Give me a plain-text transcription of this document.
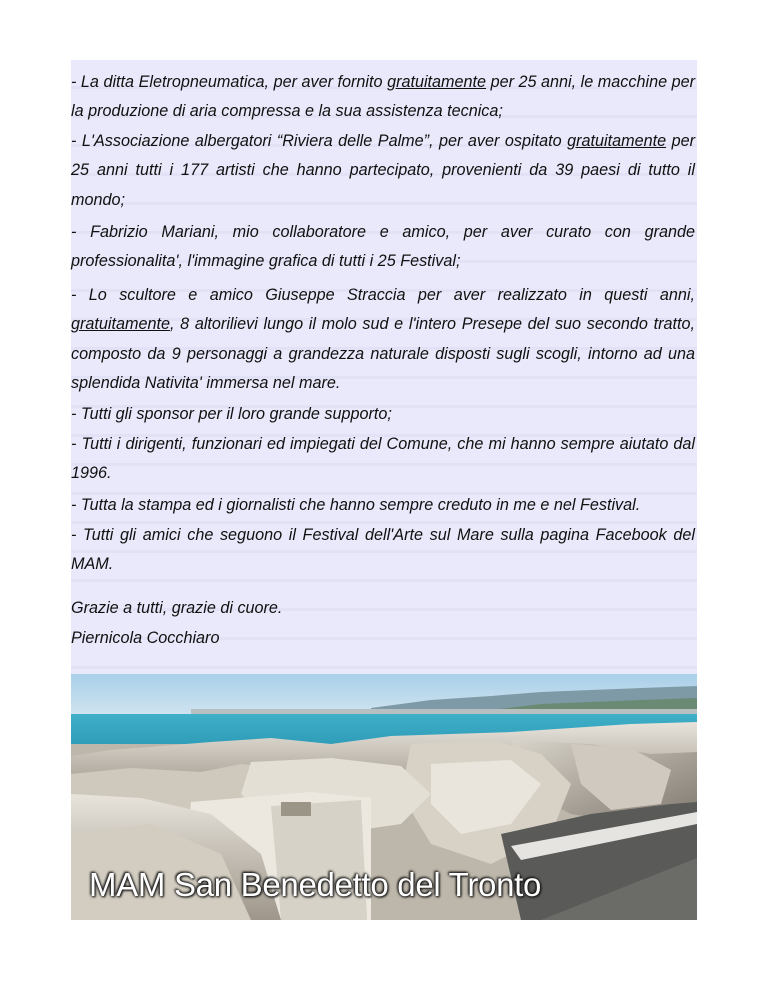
- La ditta Eletropneumatica, per aver fornito gratuitamente per 25 anni, le macchine per la produzione di aria compressa e la sua assistenza tecnica;
- L'Associazione albergatori “Riviera delle Palme”, per aver ospitato gratuitamente per 25 anni tutti i 177 artisti che hanno partecipato, provenienti da 39 paesi di tutto il mondo;
- Fabrizio Mariani, mio collaboratore e amico, per aver curato con grande professionalita', l'immagine grafica di tutti i 25 Festival;
- Lo scultore e amico Giuseppe Straccia per aver realizzato in questi anni, gratuitamente, 8 altorilievi lungo il molo sud e l'intero Presepe del suo secondo tratto, composto da 9 personaggi a grandezza naturale disposti sugli scogli, intorno ad una splendida Nativita' immersa nel mare.
- Tutti gli sponsor per il loro grande supporto;
- Tutti i dirigenti, funzionari ed impiegati del Comune, che mi hanno sempre aiutato dal 1996.
- Tutta la stampa ed i giornalisti che hanno sempre creduto in me e nel Festival.
- Tutti gli amici che seguono il Festival dell'Arte sul Mare sulla pagina Facebook del MAM.
Grazie a tutti, grazie di cuore.
Piernicola Cocchiaro
MAM San Benedetto del Tronto
